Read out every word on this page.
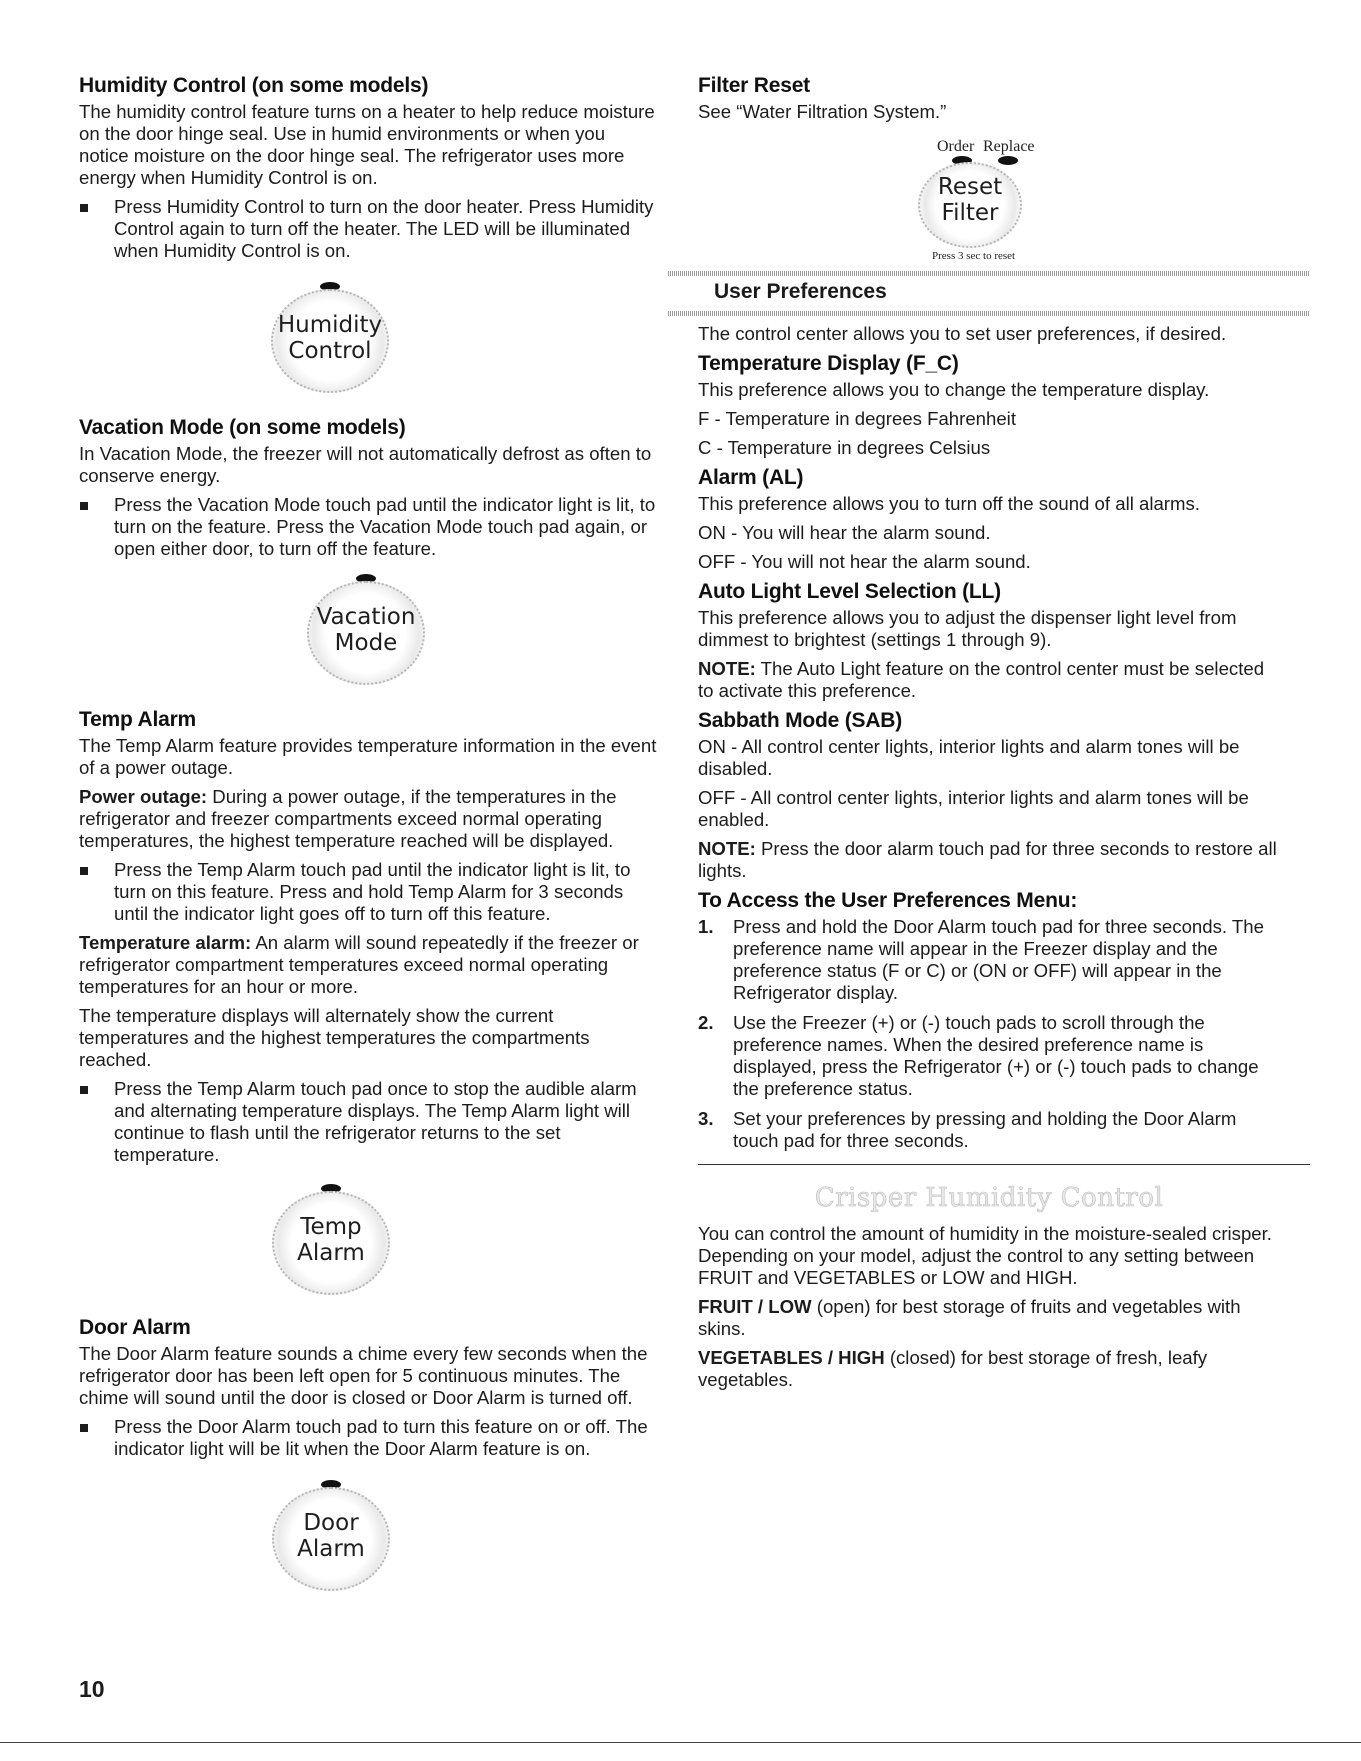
Humidity Control (on some models)

The humidity control feature turns on a heater to help reduce moisture on the door hinge seal. Use in humid environments or when you notice moisture on the door hinge seal. The refrigerator uses more energy when Humidity Control is on.

Press Humidity Control to turn on the door heater. Press Humidity Control again to turn off the heater. The LED will be illuminated when Humidity Control is on.
Humidity
Control
Vacation Mode (on some models)

In Vacation Mode, the freezer will not automatically defrost as often to conserve energy.

Press the Vacation Mode touch pad until the indicator light is lit, to turn on the feature. Press the Vacation Mode touch pad again, or open either door, to turn off the feature.
Vacation
Mode
Temp Alarm

The Temp Alarm feature provides temperature information in the event of a power outage.

Power outage: During a power outage, if the temperatures in the refrigerator and freezer compartments exceed normal operating temperatures, the highest temperature reached will be displayed.

Press the Temp Alarm touch pad until the indicator light is lit, to turn on this feature. Press and hold Temp Alarm for 3 seconds until the indicator light goes off to turn off this feature.

Temperature alarm: An alarm will sound repeatedly if the freezer or refrigerator compartment temperatures exceed normal operating temperatures for an hour or more.

The temperature displays will alternately show the current temperatures and the highest temperatures the compartments reached.

Press the Temp Alarm touch pad once to stop the audible alarm and alternating temperature displays. The Temp Alarm light will continue to flash until the refrigerator returns to the set temperature.
Temp
Alarm
Door Alarm

The Door Alarm feature sounds a chime every few seconds when the refrigerator door has been left open for 5 continuous minutes. The chime will sound until the door is closed or Door Alarm is turned off.

Press the Door Alarm touch pad to turn this feature on or off. The indicator light will be lit when the Door Alarm feature is on.
Door
Alarm
Filter Reset

See “Water Filtration System.”

Order Replace
Reset
Filter
Press 3 sec to reset
User Preferences

The control center allows you to set user preferences, if desired.

Temperature Display (F_C)

This preference allows you to change the temperature display.

F - Temperature in degrees Fahrenheit

C - Temperature in degrees Celsius

Alarm (AL)

This preference allows you to turn off the sound of all alarms.

ON - You will hear the alarm sound.

OFF - You will not hear the alarm sound.

Auto Light Level Selection (LL)

This preference allows you to adjust the dispenser light level from dimmest to brightest (settings 1 through 9).

NOTE: The Auto Light feature on the control center must be selected to activate this preference.

Sabbath Mode (SAB)

ON - All control center lights, interior lights and alarm tones will be disabled.

OFF - All control center lights, interior lights and alarm tones will be enabled.

NOTE: Press the door alarm touch pad for three seconds to restore all lights.

To Access the User Preferences Menu:
1. Press and hold the Door Alarm touch pad for three seconds. The preference name will appear in the Freezer display and the preference status (F or C) or (ON or OFF) will appear in the Refrigerator display.
2. Use the Freezer (+) or (-) touch pads to scroll through the preference names. When the desired preference name is displayed, press the Refrigerator (+) or (-) touch pads to change the preference status.
3. Set your preferences by pressing and holding the Door Alarm touch pad for three seconds.
Crisper Humidity Control

You can control the amount of humidity in the moisture-sealed crisper. Depending on your model, adjust the control to any setting between FRUIT and VEGETABLES or LOW and HIGH.

FRUIT / LOW (open) for best storage of fruits and vegetables with skins.

VEGETABLES / HIGH (closed) for best storage of fresh, leafy vegetables.

10
